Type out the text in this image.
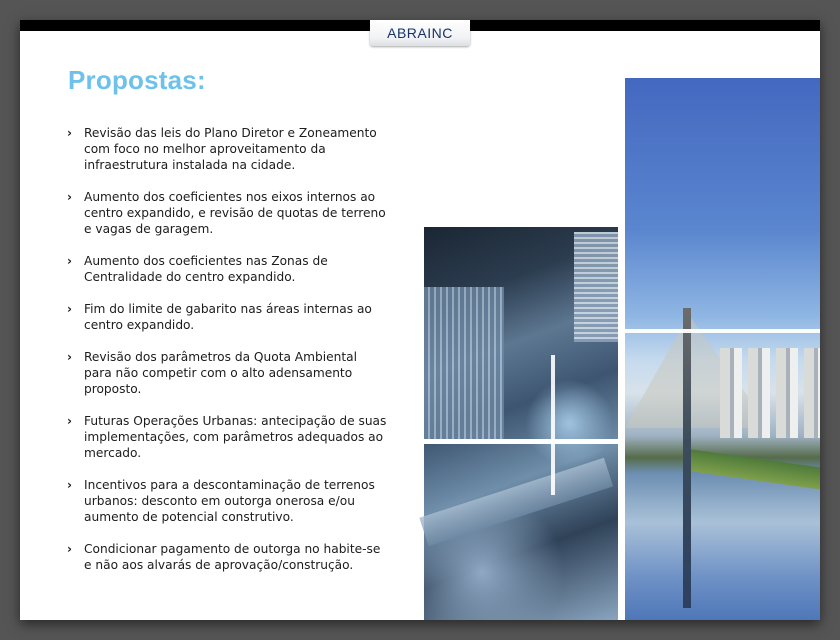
ABRAINC
Propostas:
› Revisão das leis do Plano Diretor e Zoneamento com foco no melhor aproveitamento da infraestrutura instalada na cidade.
› Aumento dos coeficientes nos eixos internos ao centro expandido, e revisão de quotas de terreno e vagas de garagem.
› Aumento dos coeficientes nas Zonas de Centralidade do centro expandido.
› Fim do limite de gabarito nas áreas internas ao centro expandido.
› Revisão dos parâmetros da Quota Ambiental para não competir com o alto adensamento proposto.
› Futuras Operações Urbanas: antecipação de suas implementações, com parâmetros adequados ao mercado.
› Incentivos para a descontaminação de terrenos urbanos: desconto em outorga onerosa e/ou aumento de potencial construtivo.
› Condicionar pagamento de outorga no habite-se e não aos alvarás de aprovação/construção.
